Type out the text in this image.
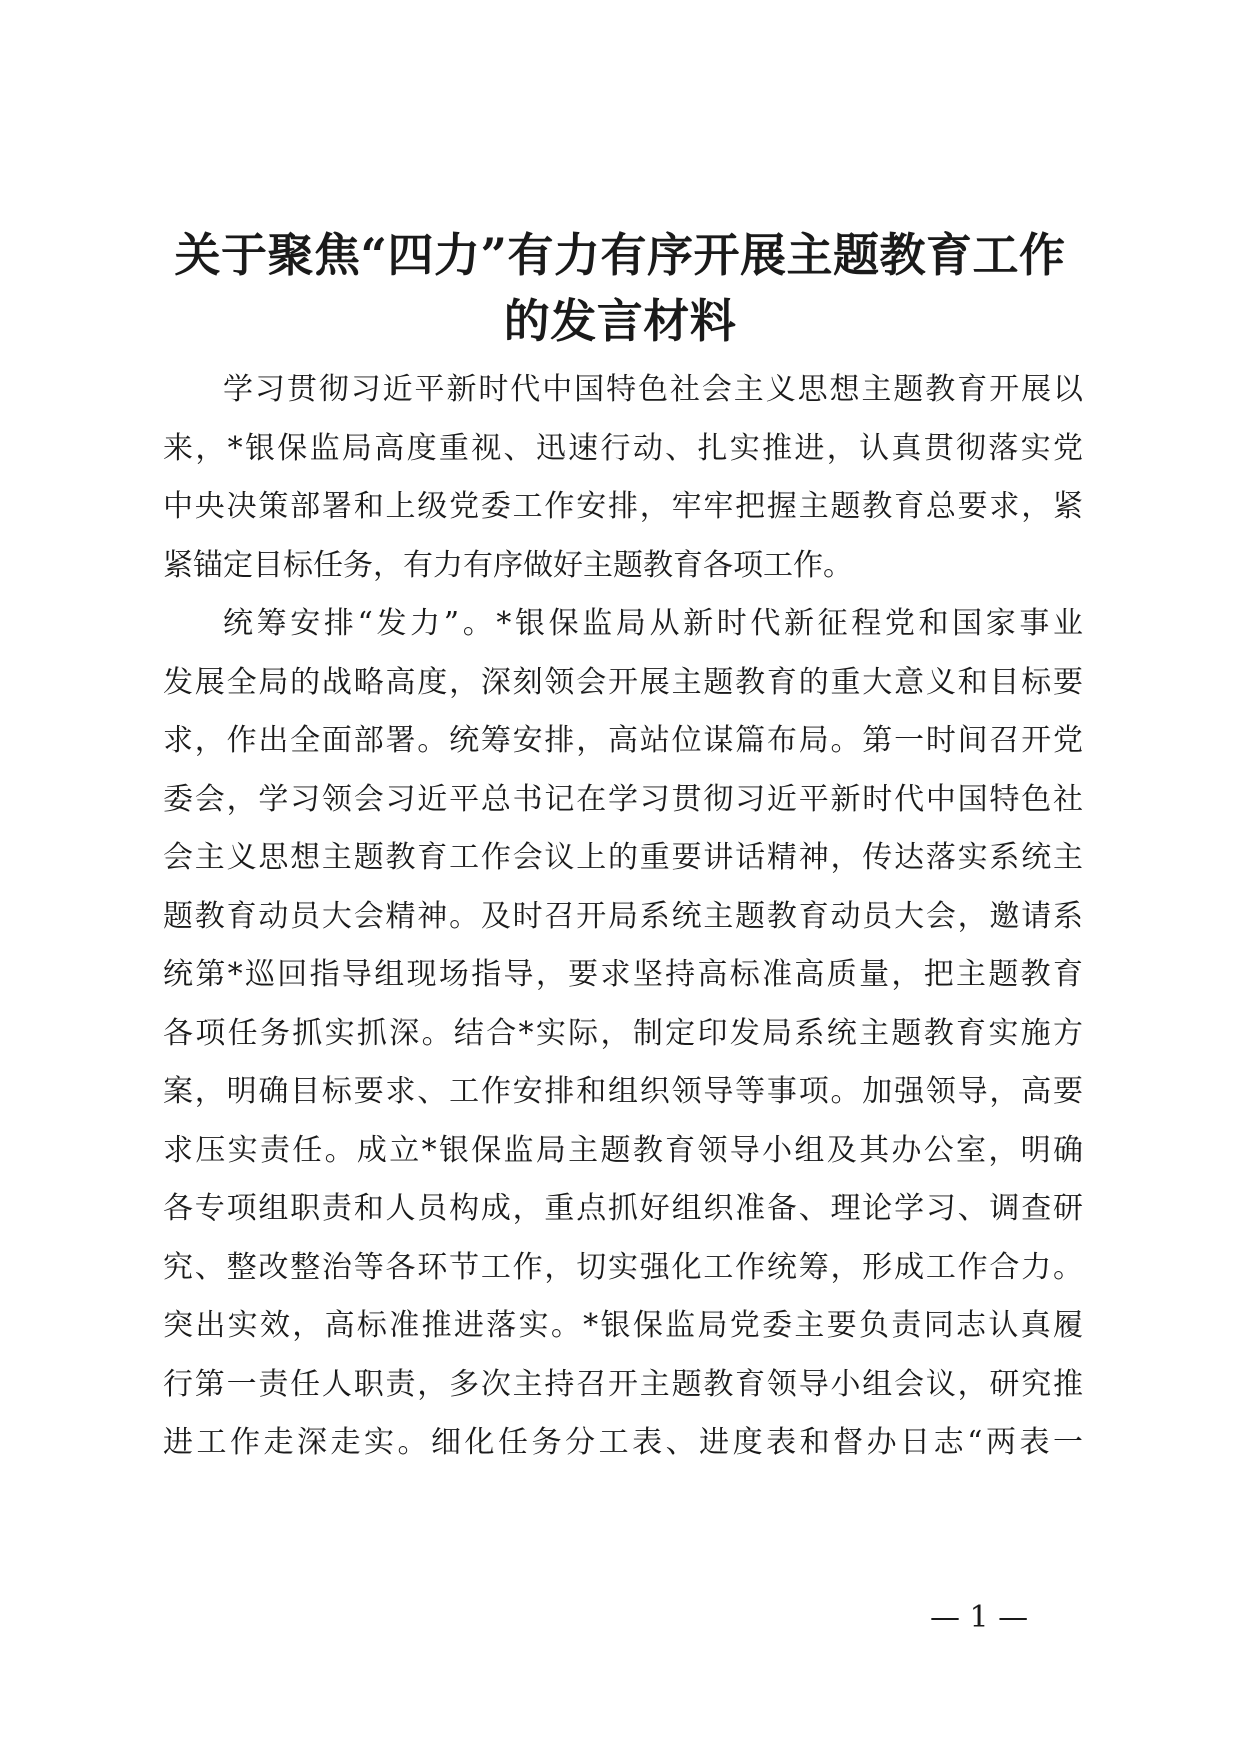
关于聚焦“四力”有力有序开展主题教育工作
的发言材料
学习贯彻习近平新时代中国特色社会主义思想主题教育开展以
来，*银保监局高度重视、迅速行动、扎实推进，认真贯彻落实党
中央决策部署和上级党委工作安排，牢牢把握主题教育总要求，紧
紧锚定目标任务，有力有序做好主题教育各项工作。
统筹安排“发力”。*银保监局从新时代新征程党和国家事业
发展全局的战略高度，深刻领会开展主题教育的重大意义和目标要
求，作出全面部署。统筹安排，高站位谋篇布局。第一时间召开党
委会，学习领会习近平总书记在学习贯彻习近平新时代中国特色社
会主义思想主题教育工作会议上的重要讲话精神，传达落实系统主
题教育动员大会精神。及时召开局系统主题教育动员大会，邀请系
统第*巡回指导组现场指导，要求坚持高标准高质量，把主题教育
各项任务抓实抓深。结合*实际，制定印发局系统主题教育实施方
案，明确目标要求、工作安排和组织领导等事项。加强领导，高要
求压实责任。成立*银保监局主题教育领导小组及其办公室，明确
各专项组职责和人员构成，重点抓好组织准备、理论学习、调查研
究、整改整治等各环节工作，切实强化工作统筹，形成工作合力。
突出实效，高标准推进落实。*银保监局党委主要负责同志认真履
行第一责任人职责，多次主持召开主题教育领导小组会议，研究推
进工作走深走实。细化任务分工表、进度表和督办日志“两表一
— 1 —
